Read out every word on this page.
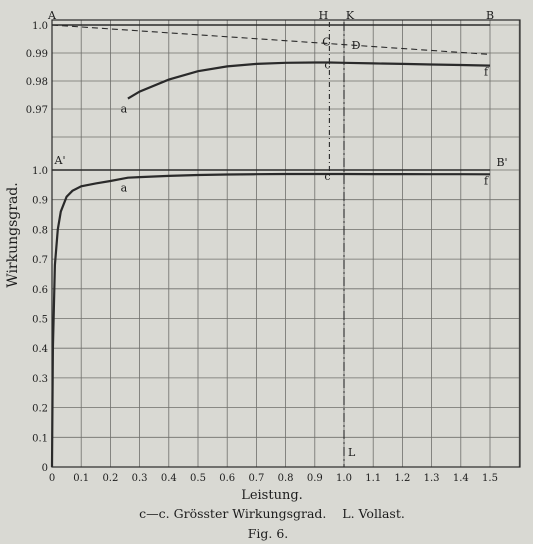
0 0.1 0.2 0.3 0.4 0.5 0.6 0.7 0.8 0.9 1.0 1.1 1.2 1.3 1.4 1.5
0
0.1
0.2
0.3
0.4
0.5
0.6
0.7
0.8
0.9
1.0
1.0
0.99
0.98
0.97
A	B
H K
C D
c
a
f
A'	B'
a
c	f
L
Wirkungsgrad.
Leistung.
c—c. Grösster Wirkungsgrad.    L. Vollast.
Fig. 6.
